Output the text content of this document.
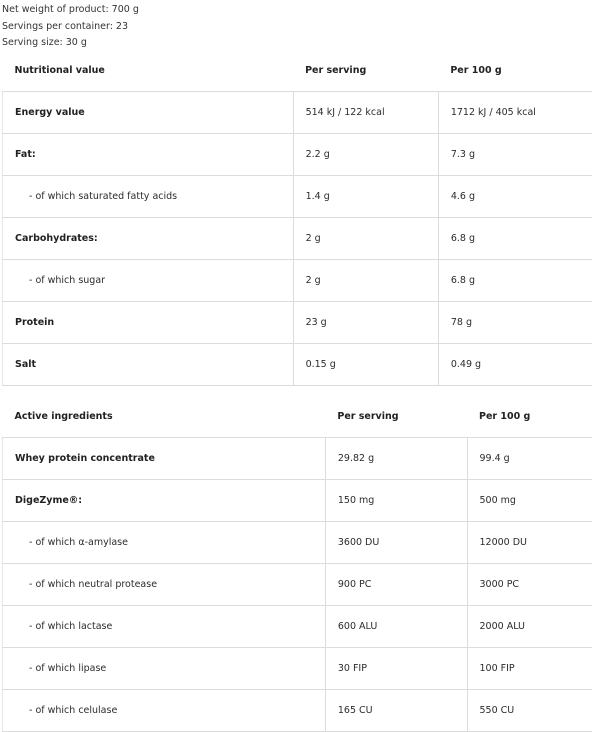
Net weight of product: 700 g
Servings per container: 23
Serving size: 30 g
Nutritional value	Per serving	Per 100 g
Energy value	514 kJ / 122 kcal	1712 kJ / 405 kcal
Fat:	2.2 g	7.3 g
- of which saturated fatty acids	1.4 g	4.6 g
Carbohydrates:	2 g	6.8 g
- of which sugar	2 g	6.8 g
Protein	23 g	78 g
Salt	0.15 g	0.49 g
Active ingredients	Per serving	Per 100 g
Whey protein concentrate	29.82 g	99.4 g
DigeZyme®:	150 mg	500 mg
- of which α-amylase	3600 DU	12000 DU
- of which neutral protease	900 PC	3000 PC
- of which lactase	600 ALU	2000 ALU
- of which lipase	30 FIP	100 FIP
- of which celulase	165 CU	550 CU
